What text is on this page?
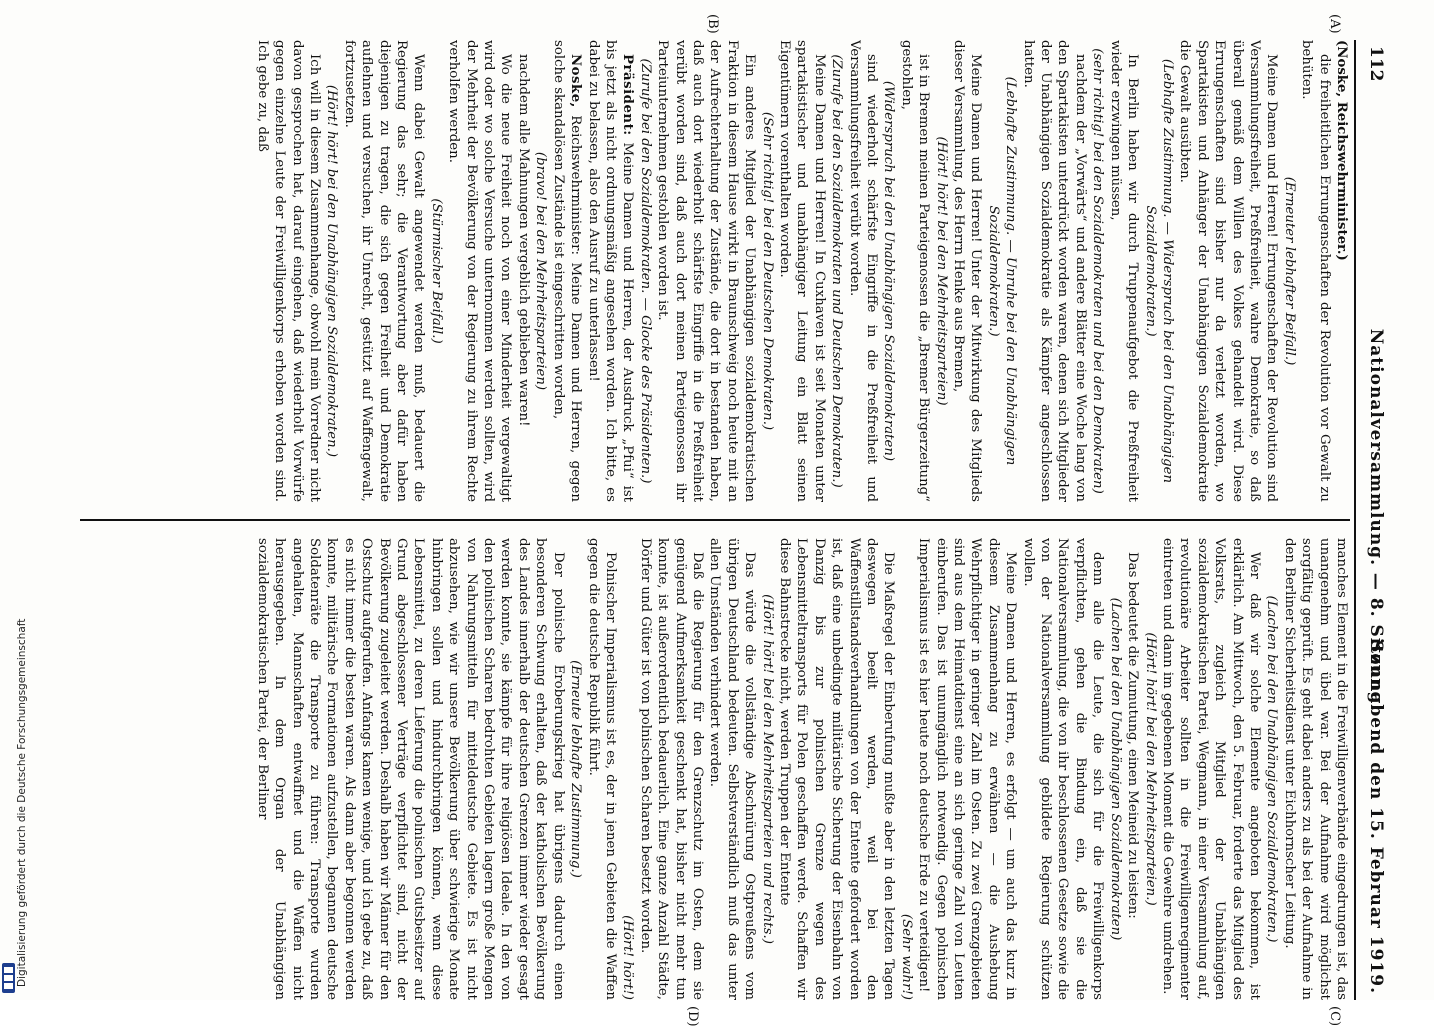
112
Nationalversammlung. — 8. Sitzung.
Sonnabend den 15. Februar 1919.
(A)
(B)
(C)
(D)

(Noske, Reichswehrminister.)

die freiheitlichen Errungenschaften der Revolution vor Gewalt zu behüten.

(Erneuter lebhafter Beifall.)

Meine Damen und Herren! Errungenschaften der Revolution sind Versammlungsfreiheit, Preßfreiheit, wahre Demokratie, so daß überall gemäß dem Willen des Volkes gehandelt wird. Diese Errungenschaften sind bisher nur da verletzt worden, wo Spartakisten und Anhänger der Unabhängigen Sozialdemokratie die Gewalt ausübten.

(Lebhafte Zustimmung. — Widerspruch bei den Unabhängigen Sozialdemokraten.)

In Berlin haben wir durch Truppenaufgebot die Preßfreiheit wieder erzwingen müssen,

(sehr richtig! bei den Sozialdemokraten und bei den Demokraten)

nachdem der „Vorwärts“ und andere Blätter eine Woche lang von den Spartakisten unterdrückt worden waren, denen sich Mitglieder der Unabhängigen Sozialdemokratie als Kämpfer angeschlossen hatten.

(Lebhafte Zustimmung. — Unruhe bei den Unabhängigen Sozialdemokraten.)

Meine Damen und Herren! Unter der Mitwirkung des Mitglieds dieser Versammlung, des Herrn Henke aus Bremen,

(Hört! hört! bei den Mehrheitsparteien)

ist in Bremen meinen Parteigenossen die „Bremer Bürgerzeitung“ gestohlen,

(Widerspruch bei den Unabhängigen Sozialdemokraten)

sind wiederholt schärfste Eingriffe in die Preßfreiheit und Versammlungsfreiheit verübt worden.

(Zurufe bei den Sozialdemokraten und Deutschen Demokraten.)

Meine Damen und Herren! In Cuxhaven ist seit Monaten unter spartakistischer und unabhängiger Leitung ein Blatt seinen Eigentümern vorenthalten worden.

(Sehr richtig! bei den Deutschen Demokraten.)

Ein anderes Mitglied der Unabhängigen sozialdemokratischen Fraktion in diesem Hause wirkt in Braunschweig noch heute mit an der Aufrechterhaltung der Zustände, die dort in bestanden haben, daß auch dort wiederholt schärfste Eingriffe in die Preßfreiheit verübt worden sind, daß auch dort meinen Parteigenossen ihr Parteiunternehmen gestohlen worden ist.

(Zurufe bei den Sozialdemokraten. — Glocke des Präsidenten.)

Präsident: Meine Damen und Herren, der Ausdruck „Pfui“ ist bis jetzt als nicht ordnungsmäßig angesehen worden. Ich bitte, es dabei zu belassen, also den Ausruf zu unterlassen!

Noske, Reichswehrminister: Meine Damen und Herren, gegen solche skandalösen Zustände ist eingeschritten worden,

(bravo! bei den Mehrheitsparteien)

nachdem alle Mahnungen vergeblich geblieben waren!

Wo die neue Freiheit noch von einer Minderheit vergewaltigt wird oder wo solche Versuche unternommen werden sollten, wird der Mehrheit der Bevölkerung von der Regierung zu ihrem Rechte verholfen werden.

(Stürmischer Beifall.)

Wenn dabei Gewalt angewendet werden muß, bedauert die Regierung das sehr; die Verantwortung aber dafür haben diejenigen zu tragen, die sich gegen Freiheit und Demokratie auflehnen und versuchen, ihr Unrecht, gestützt auf Waffengewalt, fortzusetzen.

(Hört! hört! bei den Unabhängigen Sozialdemokraten.)

Ich will in diesem Zusammenhange, obwohl mein Vorredner nicht davon gesprochen hat, darauf eingehen, daß wiederholt Vorwürfe gegen einzelne Leute der Freiwilligenkorps erhoben worden sind. Ich gebe zu, daß

manches Element in die Freiwilligenverbände eingedrungen ist, das unangenehm und übel war. Bei der Aufnahme wird möglichst sorgfältig geprüft. Es geht dabei anders zu als bei der Aufnahme in den Berliner Sicherheitsdienst unter Eichhornscher Leitung.

(Lachen bei den Unabhängigen Sozialdemokraten.)

Wer daß wir solche Elemente angeboten bekommen, ist erklärlich. Am Mittwoch, den 5. Februar, forderte das Mitglied des Volksrats, zugleich Mitglied der Unabhängigen sozialdemokratischen Partei, Wegmann, in einer Versammlung auf, revolutionäre Arbeiter sollten in die Freiwilligenregimenter eintreten und dann im gegebenen Moment die Gewehre umdrehen.

(Hört! hört! bei den Mehrheitsparteien.)

Das bedeutet die Zumutung, einen Meineid zu leisten:

(Lachen bei den Unabhängigen Sozialdemokraten)

denn alle die Leute, die sich für die Freiwilligenkorps verpflichten, gehen die Bindung ein, daß sie die Nationalversammlung, die von ihr beschlossenen Gesetze sowie die von der Nationalversammlung gebildete Regierung schützen wollen.

Meine Damen und Herren, es erfolgt — um auch das kurz in diesem Zusammenhang zu erwähnen — die Aushebung Wehrpflichtiger in geringer Zahl im Osten. Zu zwei Grenzgebieten sind aus dem Heimatdienst eine an sich geringe Zahl von Leuten einberufen. Das ist unumgänglich notwendig. Gegen polnischen Imperialismus ist es hier heute noch deutsche Erde zu verteidigen!

(Sehr wahr!)

Die Maßregel der Einberufung mußte aber in den letzten Tagen deswegen beeilt werden, weil bei den Waffenstillstandsverhandlungen von der Entente gefordert worden ist, daß eine unbedingte militärische Sicherung der Eisenbahn von Danzig bis zur polnischen Grenze wegen des Lebensmitteltransports für Polen geschaffen werde. Schaffen wir diese Bahnstrecke nicht, werden Truppen der Entente

(Hört! hört! bei den Mehrheitsparteien und rechts.)

Das würde die vollständige Abschnürung Ostpreußens vom übrigen Deutschland bedeuten. Selbstverständlich muß das unter allen Umständen verhindert werden.

Daß die Regierung für den Grenzschutz im Osten, dem sie genügend Aufmerksamkeit geschenkt hat, bisher nicht mehr tun konnte, ist außerordentlich bedauerlich. Eine ganze Anzahl Städte, Dörfer und Güter ist von polnischen Scharen besetzt worden.

(Hört! hört!)

Polnischer Imperialismus ist es, der in jenen Gebieten die Waffen gegen die deutsche Republik führt.

(Erneute lebhafte Zustimmung.)

Der polnische Eroberungskrieg hat übrigens dadurch einen besonderen Schwung erhalten, daß der katholischen Bevölkerung des Landes innerhalb der deutschen Grenzen immer wieder gesagt werden konnte, sie kämpfe für ihre religiösen Ideale. In den von den polnischen Scharen bedrohten Gebieten lagern große Mengen von Nahrungsmitteln für mitteldeutsche Gebiete. Es ist nicht abzusehen, wie wir unsere Bevölkerung über schwierige Monate hinbringen sollen und hindurchbringen können, wenn diese Lebensmittel, zu deren Lieferung die polnischen Gutsbesitzer auf Grund abgeschlossener Verträge verpflichtet sind, nicht der Bevölkerung zugeleitet werden. Deshalb haben wir Männer für den Ostschutz aufgerufen. Anfangs kamen wenige, und ich gebe zu, daß es nicht immer die besten waren. Als dann aber begonnen werden konnte, militärische Formationen aufzustellen, begannen deutsche Soldatenräte die Transporte zu führen: Transporte wurden angehalten, Mannschaften entwaffnet und die Waffen nicht herausgegeben. In dem Organ der Unabhängigen sozialdemokratischen Partei, der Berliner

Digitalisierung gefördert durch die Deutsche Forschungsgemeinschaft
